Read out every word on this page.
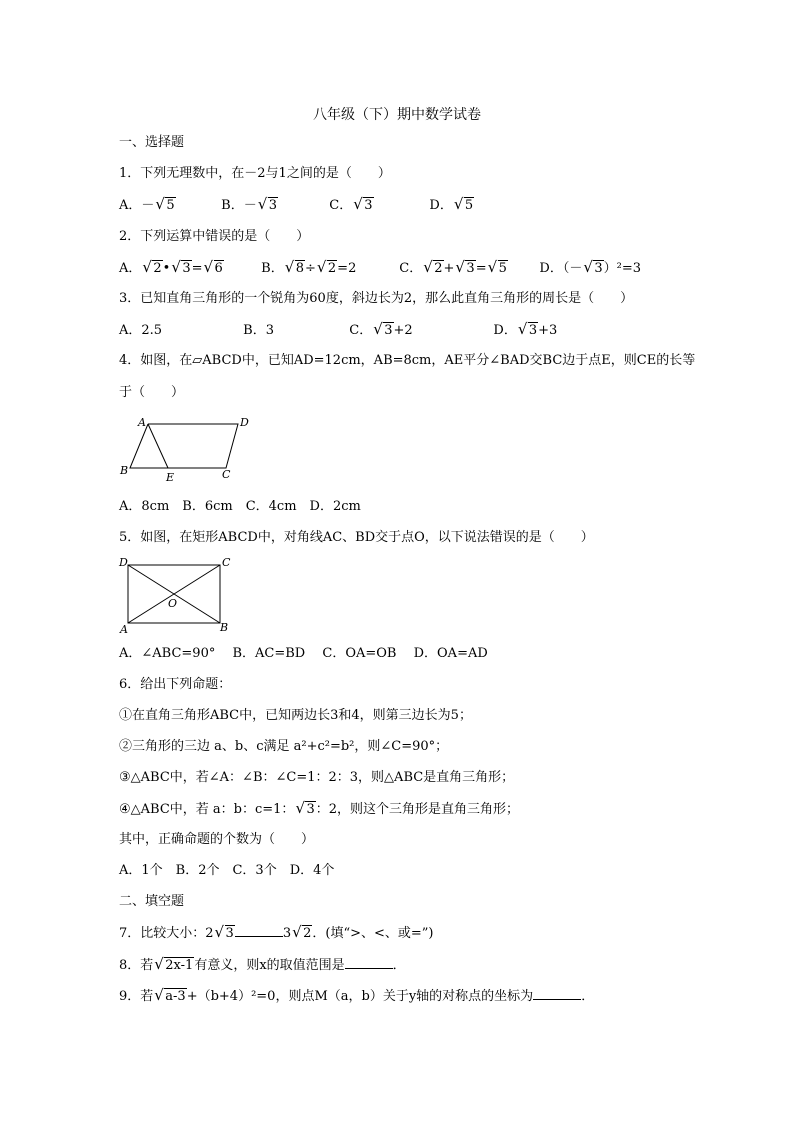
八年级（下）期中数学试卷
一、选择题
1．下列无理数中，在－2与1之间的是（　　）
A．－ √ 5	B．－ √ 3	C． √ 3	D． √ 5
2．下列运算中错误的是（　　）
A． √ 2• √ 3= √ 6	B． √ 8÷ √ 2=2	C． √ 2+ √ 3= √ 5	D．（－ √ 3）²=3
3．已知直角三角形的一个锐角为60度，斜边长为2，那么此直角三角形的周长是（　　）
A．2.5	B．3	C． √ 3+2	D． √ 3+3
4．如图，在▱ABCD中，已知AD=12cm，AB=8cm，AE平分∠BAD交BC边于点E，则CE的长等
于（　　）
A	D
B
E	C
A．8cm　B．6cm　C．4cm　D．2cm
5．如图，在矩形ABCD中，对角线AC、BD交于点O，以下说法错误的是（　　）
D	C
O
A	B
A．∠ABC=90°　 B．AC=BD　 C．OA=OB　 D．OA=AD
6．给出下列命题：
①在直角三角形ABC中，已知两边长3和4，则第三边长为5；
②三角形的三边 a、b、c满足 a²+c²=b²，则∠C=90°；
③△ABC中，若∠A：∠B：∠C=1：2：3，则△ABC是直角三角形；
④△ABC中，若 a：b：c=1： √ 3：2，则这个三角形是直角三角形；
其中，正确命题的个数为（　　）
A．1个　B．2个　C．3个　D．4个
二、填空题
7．比较大小：2 √ 3	3 √ 2．(填“>、<、或=”)
8．若 √ 2x-1有意义，则x的取值范围是	．
9．若 √ a-3+（b+4）²=0，则点M（a，b）关于y轴的对称点的坐标为	．
